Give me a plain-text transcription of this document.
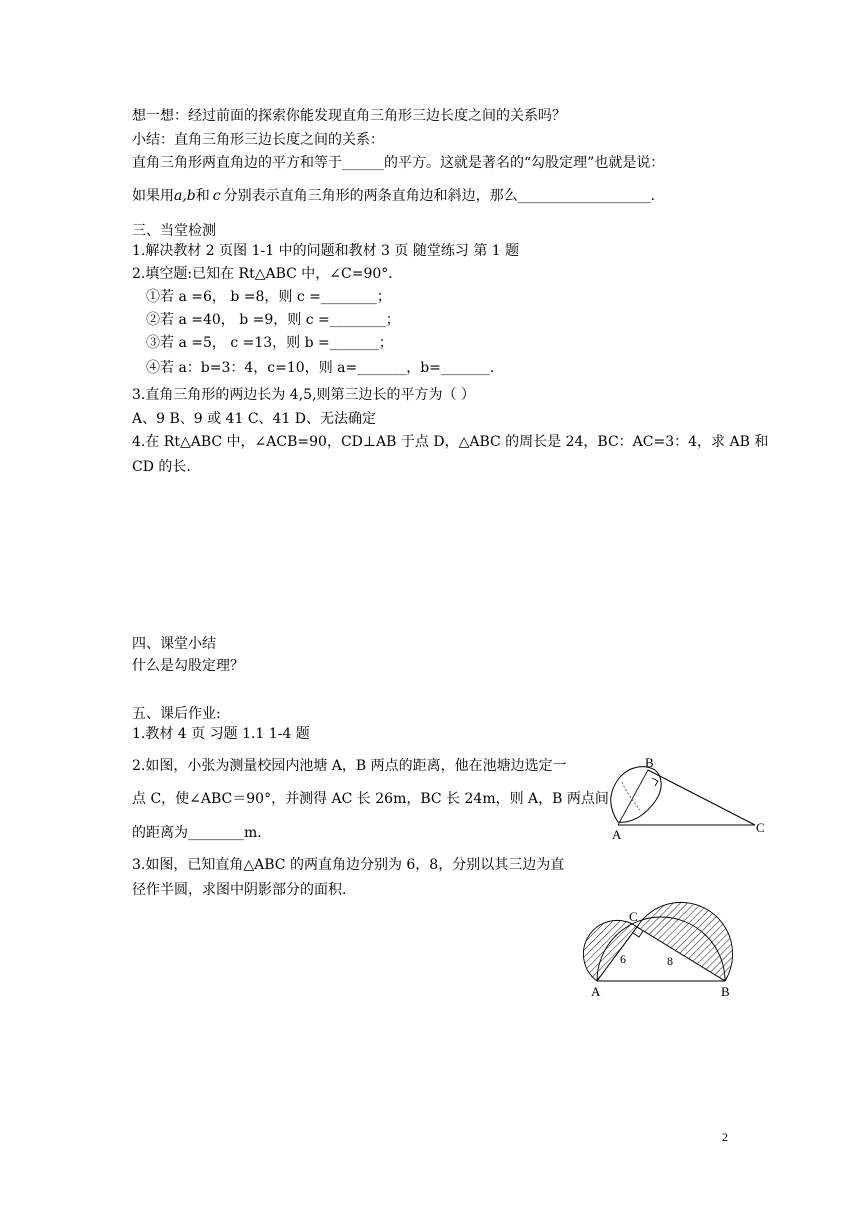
想一想：经过前面的探索你能发现直角三角形三边长度之间的关系吗？
小结：直角三角形三边长度之间的关系：
直角三角形两直角边的平方和等于______的平方。这就是著名的“勾股定理”也就是说：
如果用a,b和 c 分别表示直角三角形的两条直角边和斜边，那么___________________.
三、当堂检测
1.解决教材 2 页图 1-1 中的问题和教材 3 页 随堂练习 第 1 题
2.填空题:已知在 Rt△ABC 中，∠C=90°．
①若 a =6， b =8，则 c =________；
②若 a =40， b =9，则 c =________；
③若 a =5， c =13，则 b =_______；
④若 a：b=3：4，c=10，则 a=_______，b=_______.
3.直角三角形的两边长为 4,5,则第三边长的平方为（ ）
A、9 B、9 或 41 C、41 D、无法确定
4.在 Rt△ABC 中，∠ACB=90，CD⊥AB 于点 D，△ABC 的周长是 24，BC：AC=3：4，求 AB 和
CD 的长.
四、课堂小结
什么是勾股定理？
五、课后作业:
1.教材 4 页 习题 1.1 1-4 题
2.如图，小张为测量校园内池塘 A，B 两点的距离，他在池塘边选定一
点 C，使∠ABC＝90°，并测得 AC 长 26m，BC 长 24m，则 A，B 两点间
的距离为________m.
3.如图，已知直角△ABC 的两直角边分别为 6，8，分别以其三边为直
径作半圆，求图中阴影部分的面积.
B
A	C
C
6	8
A	B
2
